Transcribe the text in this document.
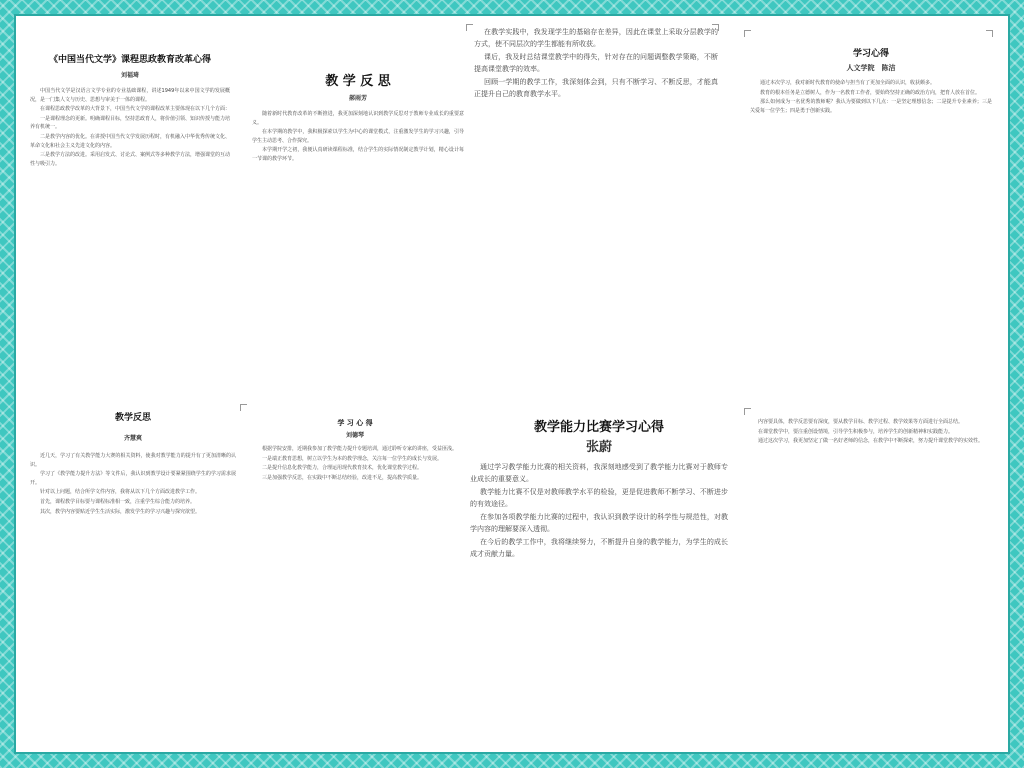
《中国当代文学》课程思政教育改革心得
刘福琦

中国当代文学是汉语言文学专业的专业基础课程，讲述1949年以来中国文学的发展概况，是一门集人文与历史、思想与审美于一体的课程。

在课程思政教学改革的大背景下，中国当代文学的课程改革主要体现在以下几个方面：

一是课程理念的更新。明确课程目标，坚持思政育人，将价值引领、知识传授与能力培养有机统一。

二是教学内容的优化。在讲授中国当代文学发展历程时，有机融入中华优秀传统文化、革命文化和社会主义先进文化的内容。

三是教学方法的改进。采用启发式、讨论式、案例式等多种教学方法，增强课堂的互动性与吸引力。

教 学 反 思
郝雨芳

随着新时代教育改革的不断推进，我更加深刻地认识到教学反思对于教师专业成长的重要意义。

在本学期的教学中，我积极探索以学生为中心的课堂模式，注重激发学生的学习兴趣，引导学生主动思考、合作探究。

本学期开学之初，我便认真研读课程标准，结合学生的实际情况制定教学计划，精心设计每一节课的教学环节。

在教学实践中，我发现学生的基础存在差异，因此在课堂上采取分层教学的方式，使不同层次的学生都能有所收获。

课后，我及时总结课堂教学中的得失，针对存在的问题调整教学策略，不断提高课堂教学的效率。

回顾一学期的教学工作，我深刻体会到，只有不断学习、不断反思，才能真正提升自己的教育教学水平。

学习心得
人文学院　陈洁

通过本次学习，我对新时代教育的使命与担当有了更加全面的认识，收获颇多。

教育的根本任务是立德树人，作为一名教育工作者，要始终坚持正确的政治方向，把育人放在首位。

那么如何成为一名优秀的教师呢？我认为要做到以下几点：一是坚定理想信念；二是提升专业素养；三是关爱每一位学生；四是勇于创新实践。

教学反思
齐慧爽

近几天，学习了有关教学能力大赛的相关资料，使我对教学能力的提升有了更加清晰的认识。

学习了《教学能力提升方法》等文件后，我认识到教学设计要紧紧围绕学生的学习需求展开。

针对以上问题，结合所学文件内容，我将从以下几个方面改进教学工作。

首先，课程教学目标要与课程标准相一致，注重学生综合能力的培养。

其次，教学内容要贴近学生生活实际，激发学生的学习兴趣与探究欲望。

学 习 心 得
刘德琴

根据学院安排，近期我参加了教学能力提升专题培训，通过聆听专家的讲座，受益匪浅。

一是端正教育思想，树立以学生为本的教学理念，关注每一位学生的成长与发展。

二是提升信息化教学能力，合理运用现代教育技术，优化课堂教学过程。

三是加强教学反思，在实践中不断总结经验，改进不足，提高教学质量。

教学能力比赛学习心得
张蔚

通过学习教学能力比赛的相关资料，我深刻地感受到了教学能力比赛对于教师专业成长的重要意义。

教学能力比赛不仅是对教师教学水平的检验，更是促进教师不断学习、不断进步的有效途径。

在参加各项教学能力比赛的过程中，我认识到教学设计的科学性与规范性，对教学内容的理解要深入透彻。

在今后的教学工作中，我将继续努力，不断提升自身的教学能力，为学生的成长成才贡献力量。

内容要具体，教学反思要有深度，要从教学目标、教学过程、教学效果等方面进行全面总结。

在课堂教学中，要注重创设情境，引导学生积极参与，培养学生的创新精神和实践能力。

通过这次学习，我更加坚定了做一名好老师的信念，在教学中不断探索，努力提升课堂教学的实效性。
